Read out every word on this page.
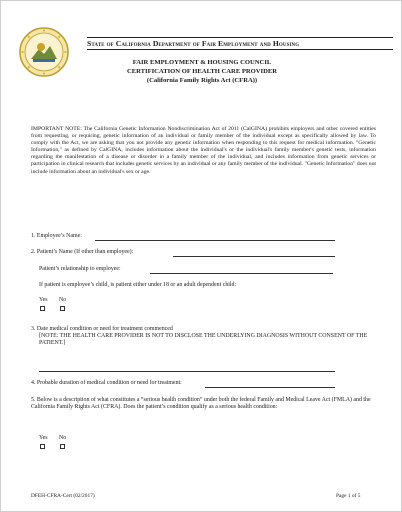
State of California Department of Fair Employment and Housing
FAIR EMPLOYMENT & HOUSING COUNCIL
CERTIFICATION OF HEALTH CARE PROVIDER
(California Family Rights Act (CFRA))
IMPORTANT NOTE: The California Genetic Information Nondiscrimination Act of 2011 (CalGINA) prohibits employers and other covered entities from requesting, or requiring, genetic information of an individual or family member of the individual except as specifically allowed by law. To comply with the Act, we are asking that you not provide any genetic information when responding to this request for medical information. "Genetic Information," as defined by CalGINA, includes information about the individual's or the individual's family member's genetic tests, information regarding the manifestation of a disease or disorder in a family member of the individual, and includes information from genetic services or participation in clinical research that includes genetic services by an individual or any family member of the individual. "Genetic Information" does not include information about an individual's sex or age.
1. Employee’s Name:
2. Patient’s Name (If other than employee):
Patient’s relationship to employee:
If patient is employee’s child, is patient either under 18 or an adult dependent child:
Yes No
3. Date medical condition or need for treatment commenced
[NOTE: THE HEALTH CARE PROVIDER IS NOT TO DISCLOSE THE UNDERLYING DIAGNOSIS WITHOUT CONSENT OF THE PATIENT.]
4. Probable duration of medical condition or need for treatment:
5. Below is a description of what constitutes a “serious health condition” under both the federal Family and Medical Leave Act (FMLA) and the California Family Rights Act (CFRA). Does the patient’s condition qualify as a serious health condition:
Yes No
DFEH-CFRA-Cert (02/2017)	Page 1 of 5
